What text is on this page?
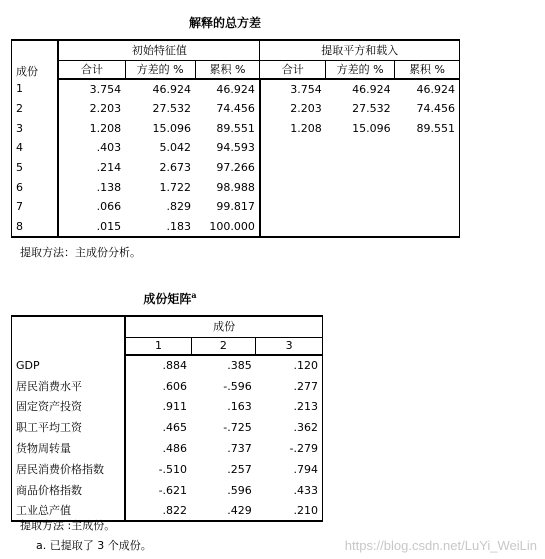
解释的总方差
成份	初始特征值			提取平方和载入		
	合计	方差的 %	累积 %	合计	方差的 %	累积 %
1	3.754	46.924	46.924	3.754	46.924	46.924
2	2.203	27.532	74.456	2.203	27.532	74.456
3	1.208	15.096	89.551	1.208	15.096	89.551
4	.403	5.042	94.593			
5	.214	2.673	97.266			
6	.138	1.722	98.988			
7	.066	.829	99.817			
8	.015	.183	100.000			
提取方法：主成份分析。
成份矩阵$^a$
	成份		
	1	2	3
GDP	.884	.385	.120
居民消费水平	.606	-.596	.277
固定资产投资	.911	.163	.213
职工平均工资	.465	-.725	.362
货物周转量	.486	.737	-.279
居民消费价格指数	-.510	.257	.794
商品价格指数	-.621	.596	.433
工业总产值	.822	.429	.210
提取方法 :主成份。
a. 已提取了 3 个成份。	https://blog.csdn.net/LuYi_WeiLin
